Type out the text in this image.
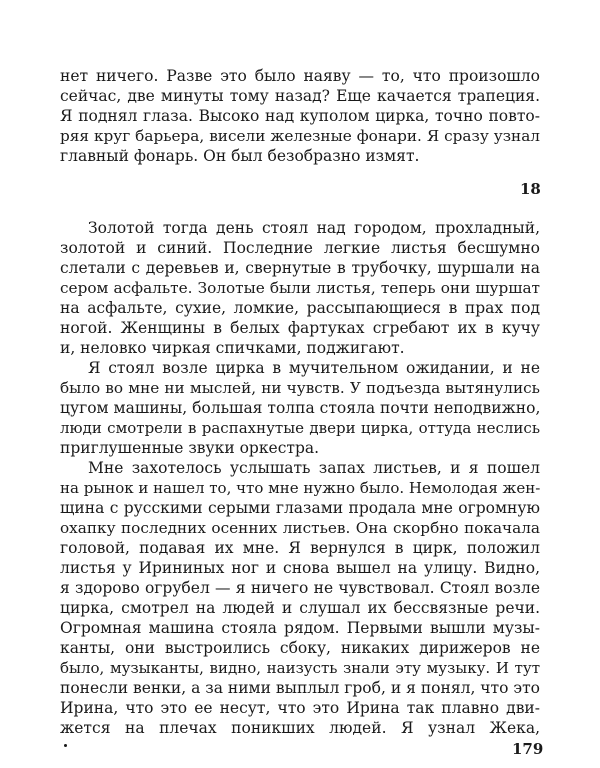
нет ничего. Разве это было наяву — то, что произошло
сейчас, две минуты тому назад? Еще качается трапеция.
Я поднял глаза. Высоко над куполом цирка, точно повто-
ряя круг барьера, висели железные фонари. Я сразу узнал
главный фонарь. Он был безобразно измят.
18
Золотой тогда день стоял над городом, прохладный,
золотой и синий. Последние легкие листья бесшумно
слетали с деревьев и, свернутые в трубочку, шуршали на
сером асфальте. Золотые были листья, теперь они шуршат
на асфальте, сухие, ломкие, рассыпающиеся в прах под
ногой. Женщины в белых фартуках сгребают их в кучу
и, неловко чиркая спичками, поджигают.
Я стоял возле цирка в мучительном ожидании, и не
было во мне ни мыслей, ни чувств. У подъезда вытянулись
цугом машины, большая толпа стояла почти неподвижно,
люди смотрели в распахнутые двери цирка, оттуда неслись
приглушенные звуки оркестра.
Мне захотелось услышать запах листьев, и я пошел
на рынок и нашел то, что мне нужно было. Немолодая жен-
щина с русскими серыми глазами продала мне огромную
охапку последних осенних листьев. Она скорбно покачала
головой, подавая их мне. Я вернулся в цирк, положил
листья у Ирининых ног и снова вышел на улицу. Видно,
я здорово огрубел — я ничего не чувствовал. Стоял возле
цирка, смотрел на людей и слушал их бессвязные речи.
Огромная машина стояла рядом. Первыми вышли музы-
канты, они выстроились сбоку, никаких дирижеров не
было, музыканты, видно, наизусть знали эту музыку. И тут
понесли венки, а за ними выплыл гроб, и я понял, что это
Ирина, что это ее несут, что это Ирина так плавно дви-
жется на плечах поникших людей. Я узнал Жека,
179
